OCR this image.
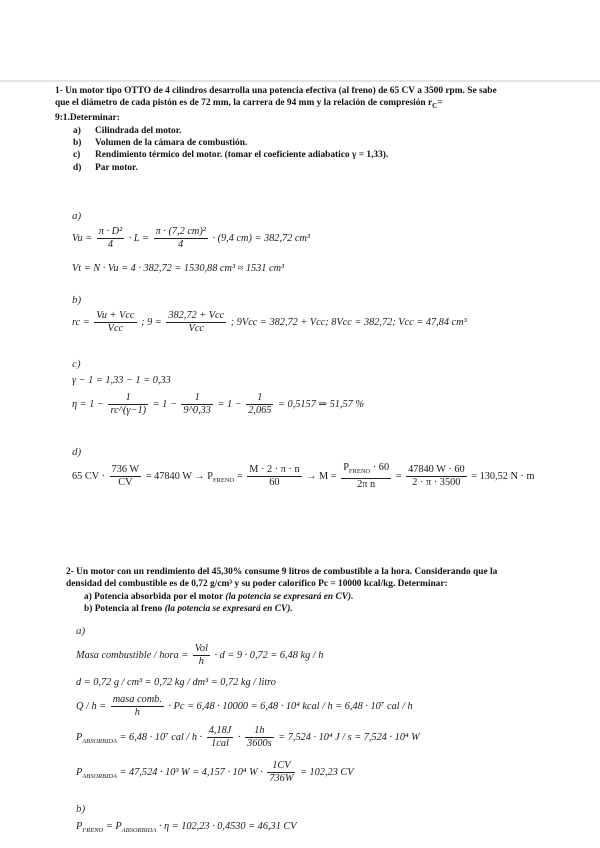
1- Un motor tipo OTTO de 4 cilindros desarrolla una potencia efectiva (al freno) de 65 CV a 3500 rpm. Se sabe
que el diámetro de cada pistón es de 72 mm, la carrera de 94 mm y la relación de compresión $r_C=$
9:1.Determinar:
a) Cilindrada del motor.
b) Volumen de la cámara de combustión.
c) Rendimiento térmico del motor. (tomar el coeficiente adiabatico γ = 1,33).
d) Par motor.
a)
$Vu = \frac{\text{π · D²}}{4} \cdot L = \frac{\text{π · (7,2 cm)²}}{4} \cdot (9,4$ cm) = 382,72 cm³
Vt = N · Vu = 4 · 382,72 = 1530,88 cm³ ≈ 1531 cm³
b)
rc = $\frac{\text{Vu + Vcc}}{\text{Vcc}}$ ; $9 = \frac{\text{382,72 + Vcc}}{\text{Vcc}}$ ; 9Vcc = 382,72 + Vcc; 8Vcc = 382,72; Vcc = 47,84 cm³
c)
γ − 1 = 1,33 − 1 = 0,33
$\eta = 1 - \frac{1}{rc\^{}(\gamma-1)} = 1 - \frac{1}{9\^{}0,33} = 1 - \frac{1}{2,065} = 0,5157$ ⇒ 51,57 %
d)
65 CV · $\frac{736 W}{CV} = 47840$ $W \to P_{FRENO} = \frac{M \cdot 2 \cdot \pi \cdot n}{60} \to M = \frac{P_{FRENO} \cdot 60}{\text{2π n}} = \frac{47840 W \cdot 60}{2 \cdot \pi \cdot 3500} = 130,52$ N · m
2- Un motor con un rendimiento del 45,30% consume 9 litros de combustible a la hora. Considerando que la
densidad del combustible es de 0,72 g/cm³ y su poder calorífico Pc = 10000 kcal/kg. Determinar:
a) Potencia absorbida por el motor (la potencia se expresará en CV).
b) Potencia al freno (la potencia se expresará en CV).
a)
Masa combustible / hora = $\frac{\text{Vol}}{h} \cdot d = 9 \cdot 0,72 = 6,48$ kg / h
d = 0,72 g / cm³ = 0,72 kg / dm³ = 0,72 kg / litro
$Q / h = \frac{\text{masa comb.}}{h} \cdot Pc = 6,48 \cdot 10000 = 6,48 \cdot 10^4$ kcal / h = 6,48 · 10⁷ cal / h
$P_{ABSORBIDA} = 6,48 \cdot 10^7$ cal / $h \cdot \frac{4,18J}{\text{1cal}} \cdot \frac{1h}{3600s} = 7,524 \cdot 10^4$ J / s = 7,524 · 10⁴ W
$P_{ABSORBIDA} = 47,524 \cdot 10^3$ W = 4,157 · 10⁴ $W \cdot \frac{1CV}{736W} = 102,23$ CV
b)
$P_{FRENO} = P_{ABSORBIDA} \cdot \eta = 102,23 \cdot 0,4530 = 46,31$ CV
